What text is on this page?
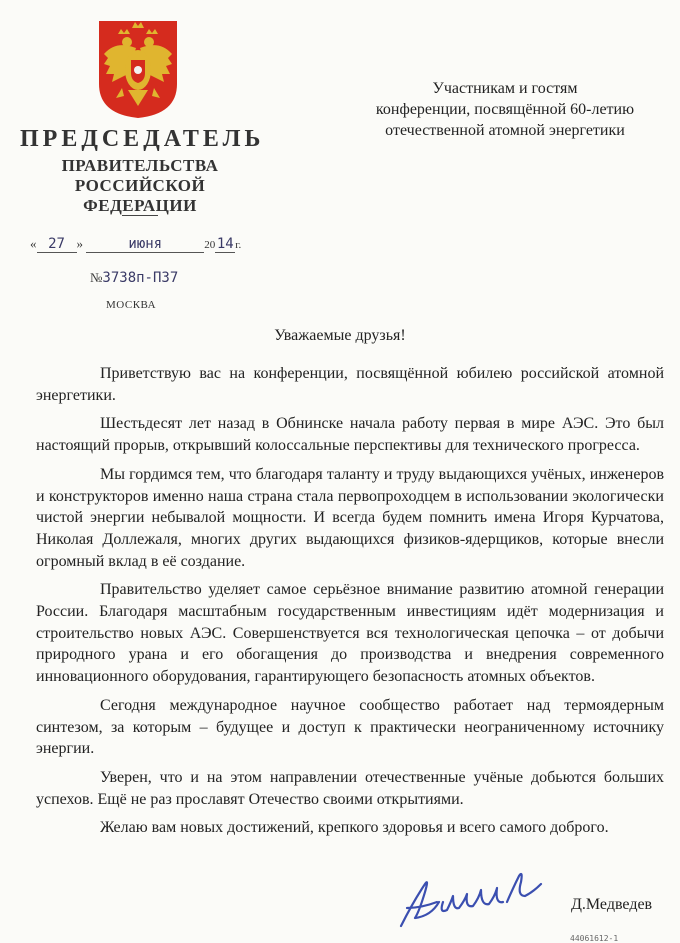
ПРЕДСЕДАТЕЛЬ
ПРАВИТЕЛЬСТВА
РОССИЙСКОЙ ФЕДЕРАЦИИ
« 27 »	июня	20 14 г.
№3738п-П37
МОСКВА
Участникам и гостям
конференции, посвящённой 60-летию
отечественной атомной энергетики
Уважаемые друзья!

Приветствую вас на конференции, посвящённой юбилею российской атомной энергетики.

Шестьдесят лет назад в Обнинске начала работу первая в мире АЭС. Это был настоящий прорыв, открывший колоссальные перспективы для технического прогресса.

Мы гордимся тем, что благодаря таланту и труду выдающихся учёных, инженеров и конструкторов именно наша страна стала первопроходцем в использовании экологически чистой энергии небывалой мощности. И всегда будем помнить имена Игоря Курчатова, Николая Доллежаля, многих других выдающихся физиков-ядерщиков, которые внесли огромный вклад в её создание.

Правительство уделяет самое серьёзное внимание развитию атомной генерации России. Благодаря масштабным государственным инвестициям идёт модернизация и строительство новых АЭС. Совершенствуется вся технологическая цепочка – от добычи природного урана и его обогащения до производства и внедрения современного инновационного оборудования, гарантирующего безопасность атомных объектов.

Сегодня международное научное сообщество работает над термоядерным синтезом, за которым – будущее и доступ к практически неограниченному источнику энергии.

Уверен, что и на этом направлении отечественные учёные добьются больших успехов. Ещё не раз прославят Отечество своими открытиями.

Желаю вам новых достижений, крепкого здоровья и всего самого доброго.

Д.Медведев
44061612-1
